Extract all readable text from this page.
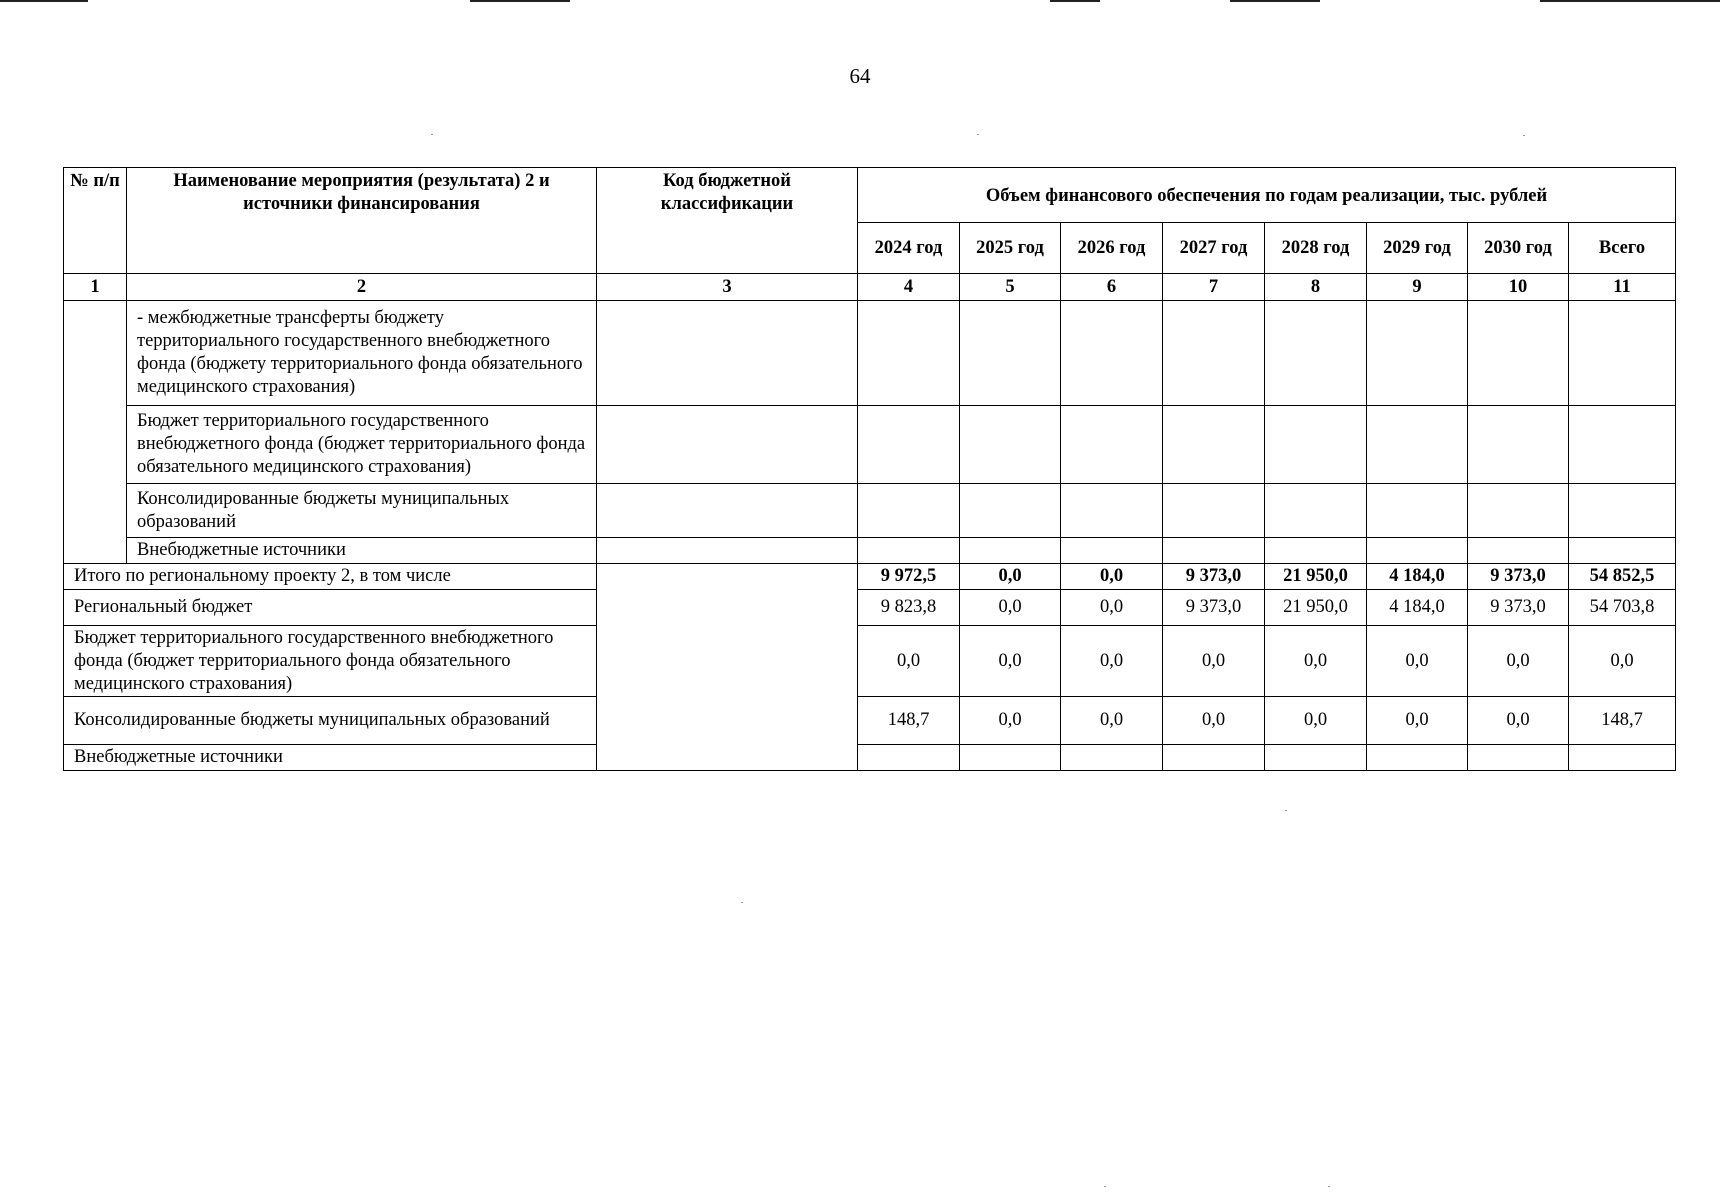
64
№ п/п	Наименование мероприятия (результата) 2 и источники финансирования	Код бюджетной классификации	Объем финансового обеспечения по годам реализации, тыс. рублей							
			2024 год	2025 год	2026 год	2027 год	2028 год	2029 год	2030 год	Всего
1	2	3	4	5	6	7	8	9	10	11
	- межбюджетные трансферты бюджету территориального государственного внебюджетного фонда (бюджету территориального фонда обязательного медицинского страхования)									
	Бюджет территориального государственного внебюджетного фонда (бюджет территориального фонда обязательного медицинского страхования)									
	Консолидированные бюджеты муниципальных образований									
	Внебюджетные источники									
Итого по региональному проекту 2, в том числе			9 972,5	0,0	0,0	9 373,0	21 950,0	4 184,0	9 373,0	54 852,5
Региональный бюджет			9 823,8	0,0	0,0	9 373,0	21 950,0	4 184,0	9 373,0	54 703,8
Бюджет территориального государственного внебюджетного фонда (бюджет территориального фонда обязательного медицинского страхования)			0,0	0,0	0,0	0,0	0,0	0,0	0,0	0,0
Консолидированные бюджеты муниципальных образований			148,7	0,0	0,0	0,0	0,0	0,0	0,0	148,7
Внебюджетные источники										
